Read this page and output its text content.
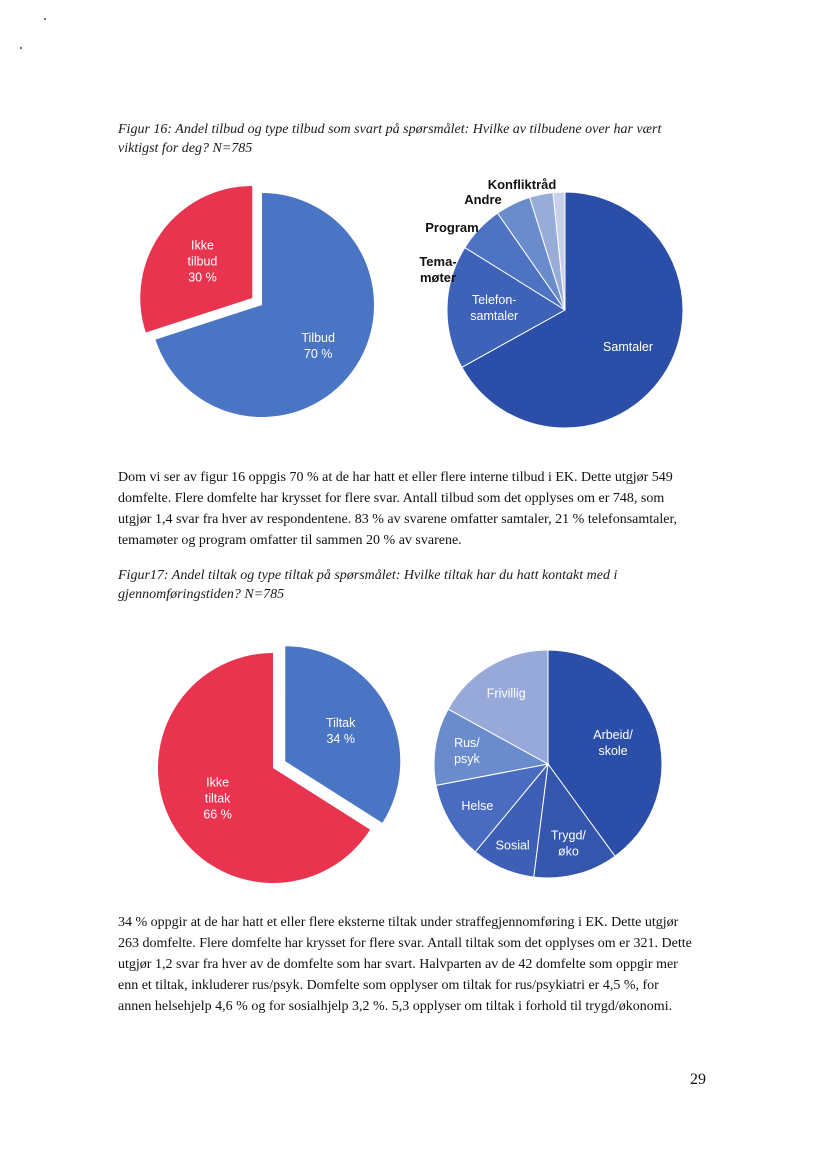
Figur 16: Andel tilbud og type tilbud som svart på spørsmålet: Hvilke av tilbudene over har vært
viktigst for deg? N=785
Ikke tilbud 30 %
Tilbud 70 %	Samtaler
Telefon-samtaler
Tema-møter
Program
Andre
Konfliktråd
Dom vi ser av figur 16 oppgis 70 % at de har hatt et eller flere interne tilbud i EK. Dette utgjør 549
domfelte. Flere domfelte har krysset for flere svar. Antall tilbud som det opplyses om er 748, som
utgjør 1,4 svar fra hver av respondentene. 83 % av svarene omfatter samtaler, 21 % telefonsamtaler,
temamøter og program omfatter til sammen 20 % av svarene.
Figur17: Andel tiltak og type tiltak på spørsmålet: Hvilke tiltak har du hatt kontakt med i
gjennomføringstiden? N=785
Tiltak 34 %
Ikke tiltak 66 %
Arbeid/ skole
Trygd/ øko
Sosial
Helse
Rus/ psyk
Frivillig
34 % oppgir at de har hatt et eller flere eksterne tiltak under straffegjennomføring i EK. Dette utgjør
263 domfelte. Flere domfelte har krysset for flere svar. Antall tiltak som det opplyses om er 321. Dette
utgjør 1,2 svar fra hver av de domfelte som har svart. Halvparten av de 42 domfelte som oppgir mer
enn et tiltak, inkluderer rus/psyk. Domfelte som opplyser om tiltak for rus/psykiatri er 4,5 %, for
annen helsehjelp 4,6 % og for sosialhjelp 3,2 %. 5,3 opplyser om tiltak i forhold til trygd/økonomi.
29
